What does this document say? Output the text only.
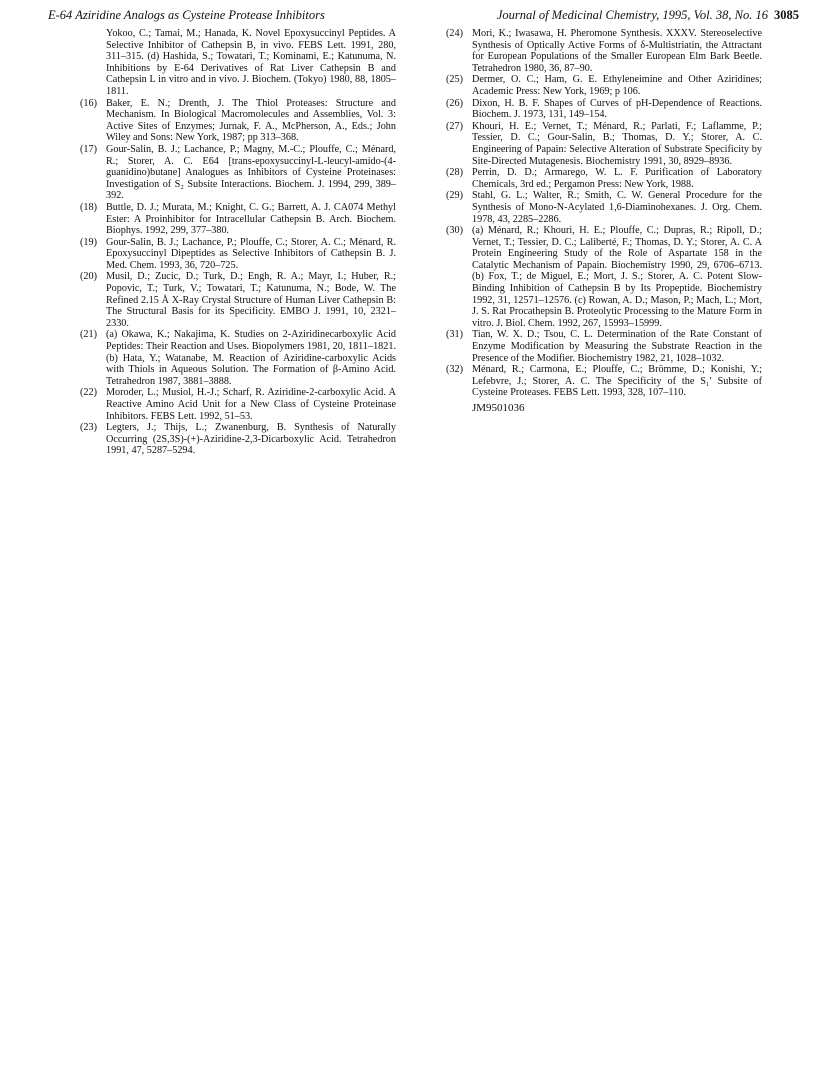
E-64 Aziridine Analogs as Cysteine Protease Inhibitors	Journal of Medicinal Chemistry, 1995, Vol. 38, No. 16 3085
Yokoo, C.; Tamai, M.; Hanada, K. Novel Epoxysuccinyl Peptides. A Selective Inhibitor of Cathepsin B, in vivo. FEBS Lett. 1991, 280, 311–315. (d) Hashida, S.; Towatari, T.; Kominami, E.; Katunuma, N. Inhibitions by E-64 Derivatives of Rat Liver Cathepsin B and Cathepsin L in vitro and in vivo. J. Biochem. (Tokyo) 1980, 88, 1805–1811.
(16) Baker, E. N.; Drenth, J. The Thiol Proteases: Structure and Mechanism. In Biological Macromolecules and Assemblies, Vol. 3: Active Sites of Enzymes; Jurnak, F. A., McPherson, A., Eds.; John Wiley and Sons: New York, 1987; pp 313–368.
(17) Gour-Salin, B. J.; Lachance, P.; Magny, M.-C.; Plouffe, C.; Ménard, R.; Storer, A. C. E64 [trans-epoxysuccinyl-L-leucyl-amido-(4-guanidino)butane] Analogues as Inhibitors of Cysteine Proteinases: Investigation of S₂ Subsite Interactions. Biochem. J. 1994, 299, 389–392.
(18) Buttle, D. J.; Murata, M.; Knight, C. G.; Barrett, A. J. CA074 Methyl Ester: A Proinhibitor for Intracellular Cathepsin B. Arch. Biochem. Biophys. 1992, 299, 377–380.
(19) Gour-Salin, B. J.; Lachance, P.; Plouffe, C.; Storer, A. C.; Ménard, R. Epoxysuccinyl Dipeptides as Selective Inhibitors of Cathepsin B. J. Med. Chem. 1993, 36, 720–725.
(20) Musil, D.; Zucic, D.; Turk, D.; Engh, R. A.; Mayr, I.; Huber, R.; Popovic, T.; Turk, V.; Towatari, T.; Katunuma, N.; Bode, W. The Refined 2.15 Å X-Ray Crystal Structure of Human Liver Cathepsin B: The Structural Basis for its Specificity. EMBO J. 1991, 10, 2321–2330.
(21) (a) Okawa, K.; Nakajima, K. Studies on 2-Aziridinecarboxylic Acid Peptides: Their Reaction and Uses. Biopolymers 1981, 20, 1811–1821. (b) Hata, Y.; Watanabe, M. Reaction of Aziridine-carboxylic Acids with Thiols in Aqueous Solution. The Formation of β-Amino Acid. Tetrahedron 1987, 3881–3888.
(22) Moroder, L.; Musiol, H.-J.; Scharf, R. Aziridine-2-carboxylic Acid. A Reactive Amino Acid Unit for a New Class of Cysteine Proteinase Inhibitors. FEBS Lett. 1992, 51–53.
(23) Legters, J.; Thijs, L.; Zwanenburg, B. Synthesis of Naturally Occurring (2S,3S)-(+)-Aziridine-2,3-Dicarboxylic Acid. Tetrahedron 1991, 47, 5287–5294.
(24) Mori, K.; Iwasawa, H. Pheromone Synthesis. XXXV. Stereoselective Synthesis of Optically Active Forms of δ-Multistriatin, the Attractant for European Populations of the Smaller European Elm Bark Beetle. Tetrahedron 1980, 36, 87–90.
(25) Dermer, O. C.; Ham, G. E. Ethyleneimine and Other Aziridines; Academic Press: New York, 1969; p 106.
(26) Dixon, H. B. F. Shapes of Curves of pH-Dependence of Reactions. Biochem. J. 1973, 131, 149–154.
(27) Khouri, H. E.; Vernet, T.; Ménard, R.; Parlati, F.; Laflamme, P.; Tessier, D. C.; Gour-Salin, B.; Thomas, D. Y.; Storer, A. C. Engineering of Papain: Selective Alteration of Substrate Specificity by Site-Directed Mutagenesis. Biochemistry 1991, 30, 8929–8936.
(28) Perrin, D. D.; Armarego, W. L. F. Purification of Laboratory Chemicals, 3rd ed.; Pergamon Press: New York, 1988.
(29) Stahl, G. L.; Walter, R.; Smith, C. W. General Procedure for the Synthesis of Mono-N-Acylated 1,6-Diaminohexanes. J. Org. Chem. 1978, 43, 2285–2286.
(30) (a) Ménard, R.; Khouri, H. E.; Plouffe, C.; Dupras, R.; Ripoll, D.; Vernet, T.; Tessier, D. C.; Laliberté, F.; Thomas, D. Y.; Storer, A. C. A Protein Engineering Study of the Role of Aspartate 158 in the Catalytic Mechanism of Papain. Biochemistry 1990, 29, 6706–6713. (b) Fox, T.; de Miguel, E.; Mort, J. S.; Storer, A. C. Potent Slow-Binding Inhibition of Cathepsin B by Its Propeptide. Biochemistry 1992, 31, 12571–12576. (c) Rowan, A. D.; Mason, P.; Mach, L.; Mort, J. S. Rat Procathepsin B. Proteolytic Processing to the Mature Form in vitro. J. Biol. Chem. 1992, 267, 15993–15999.
(31) Tian, W. X. D.; Tsou, C. L. Determination of the Rate Constant of Enzyme Modification by Measuring the Substrate Reaction in the Presence of the Modifier. Biochemistry 1982, 21, 1028–1032.
(32) Ménard, R.; Carmona, E.; Plouffe, C.; Brömme, D.; Konishi, Y.; Lefebvre, J.; Storer, A. C. The Specificity of the S₁′ Subsite of Cysteine Proteases. FEBS Lett. 1993, 328, 107–110.
JM9501036
